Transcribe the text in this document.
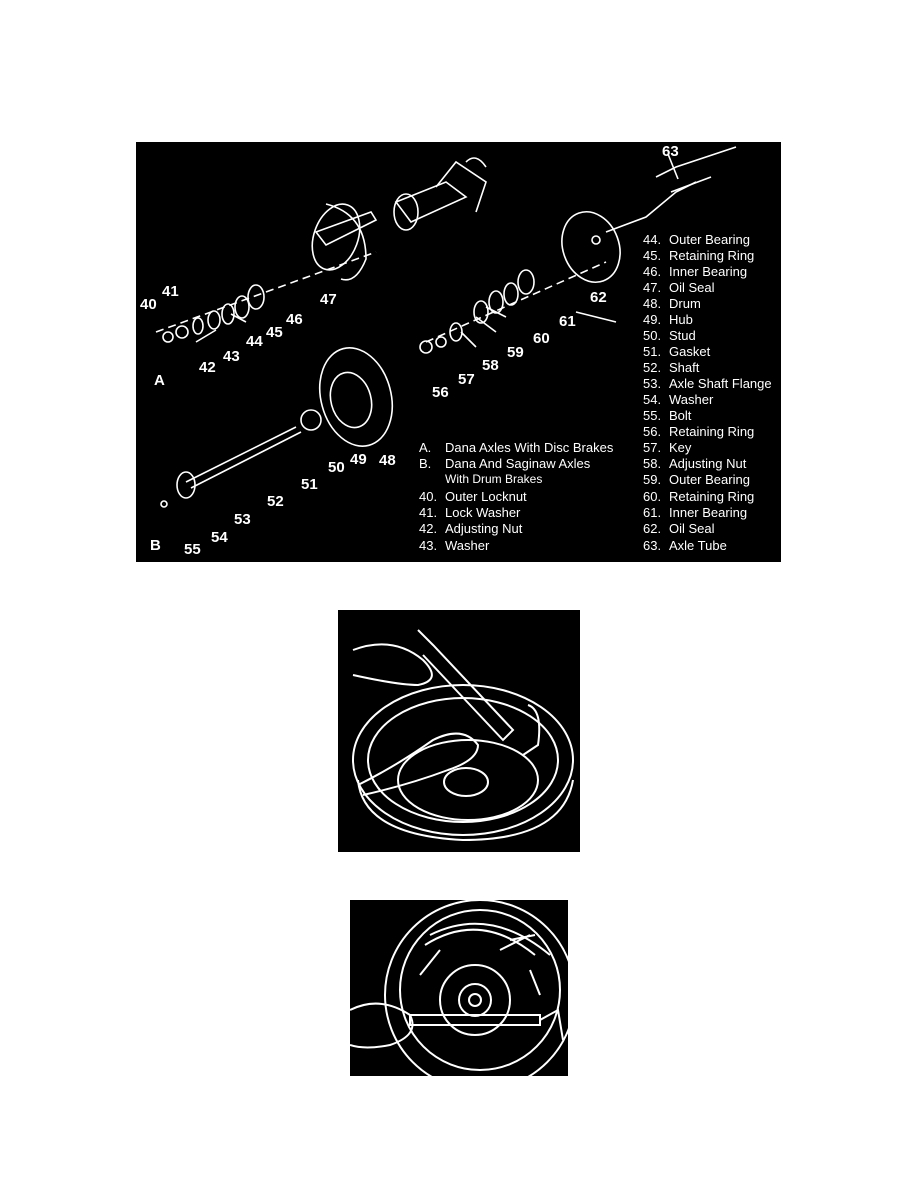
40
41
42
43
44
45
46
47
48
49
50
51
52
53
54
55
56
57
58
59
60
61
62
63
A
B
A. Dana Axles With Disc Brakes
B. Dana And Saginaw Axles
With Drum Brakes
40. Outer Locknut
41. Lock Washer
42. Adjusting Nut
43. Washer
44. Outer Bearing
45. Retaining Ring
46. Inner Bearing
47. Oil Seal
48. Drum
49. Hub
50. Stud
51. Gasket
52. Shaft
53. Axle Shaft Flange
54. Washer
55. Bolt
56. Retaining Ring
57. Key
58. Adjusting Nut
59. Outer Bearing
60. Retaining Ring
61. Inner Bearing
62. Oil Seal
63. Axle Tube
